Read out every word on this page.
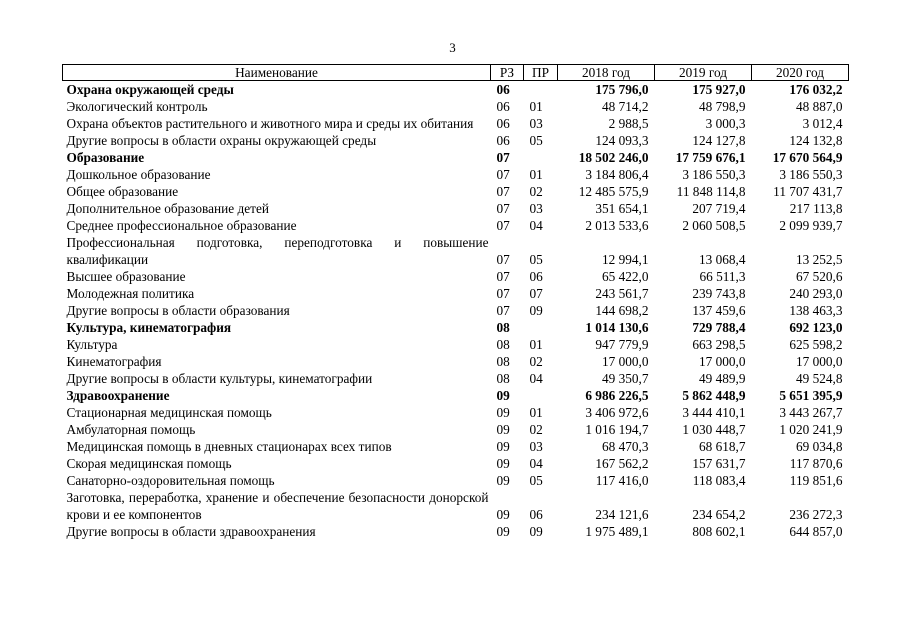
3
Наименование	РЗ	ПР	2018 год	2019 год	2020 год
Охрана окружающей среды	06		175 796,0	175 927,0	176 032,2
Экологический контроль	06	01	48 714,2	48 798,9	48 887,0
Охрана объектов растительного и животного мира и среды их обитания	06	03	2 988,5	3 000,3	3 012,4
Другие вопросы в области охраны окружающей среды	06	05	124 093,3	124 127,8	124 132,8
Образование	07		18 502 246,0	17 759 676,1	17 670 564,9
Дошкольное образование	07	01	3 184 806,4	3 186 550,3	3 186 550,3
Общее образование	07	02	12 485 575,9	11 848 114,8	11 707 431,7
Дополнительное образование детей	07	03	351 654,1	207 719,4	217 113,8
Среднее профессиональное образование	07	04	2 013 533,6	2 060 508,5	2 099 939,7
Профессиональная подготовка, переподготовка и повышение квалификации	07	05	12 994,1	13 068,4	13 252,5
Высшее образование	07	06	65 422,0	66 511,3	67 520,6
Молодежная политика	07	07	243 561,7	239 743,8	240 293,0
Другие вопросы в области образования	07	09	144 698,2	137 459,6	138 463,3
Культура, кинематография	08		1 014 130,6	729 788,4	692 123,0
Культура	08	01	947 779,9	663 298,5	625 598,2
Кинематография	08	02	17 000,0	17 000,0	17 000,0
Другие вопросы в области культуры, кинематографии	08	04	49 350,7	49 489,9	49 524,8
Здравоохранение	09		6 986 226,5	5 862 448,9	5 651 395,9
Стационарная медицинская помощь	09	01	3 406 972,6	3 444 410,1	3 443 267,7
Амбулаторная помощь	09	02	1 016 194,7	1 030 448,7	1 020 241,9
Медицинская помощь в дневных стационарах всех типов	09	03	68 470,3	68 618,7	69 034,8
Скорая медицинская помощь	09	04	167 562,2	157 631,7	117 870,6
Санаторно-оздоровительная помощь	09	05	117 416,0	118 083,4	119 851,6
Заготовка, переработка, хранение и обеспечение безопасности донорской крови и ее компонентов	09	06	234 121,6	234 654,2	236 272,3
Другие вопросы в области здравоохранения	09	09	1 975 489,1	808 602,1	644 857,0
